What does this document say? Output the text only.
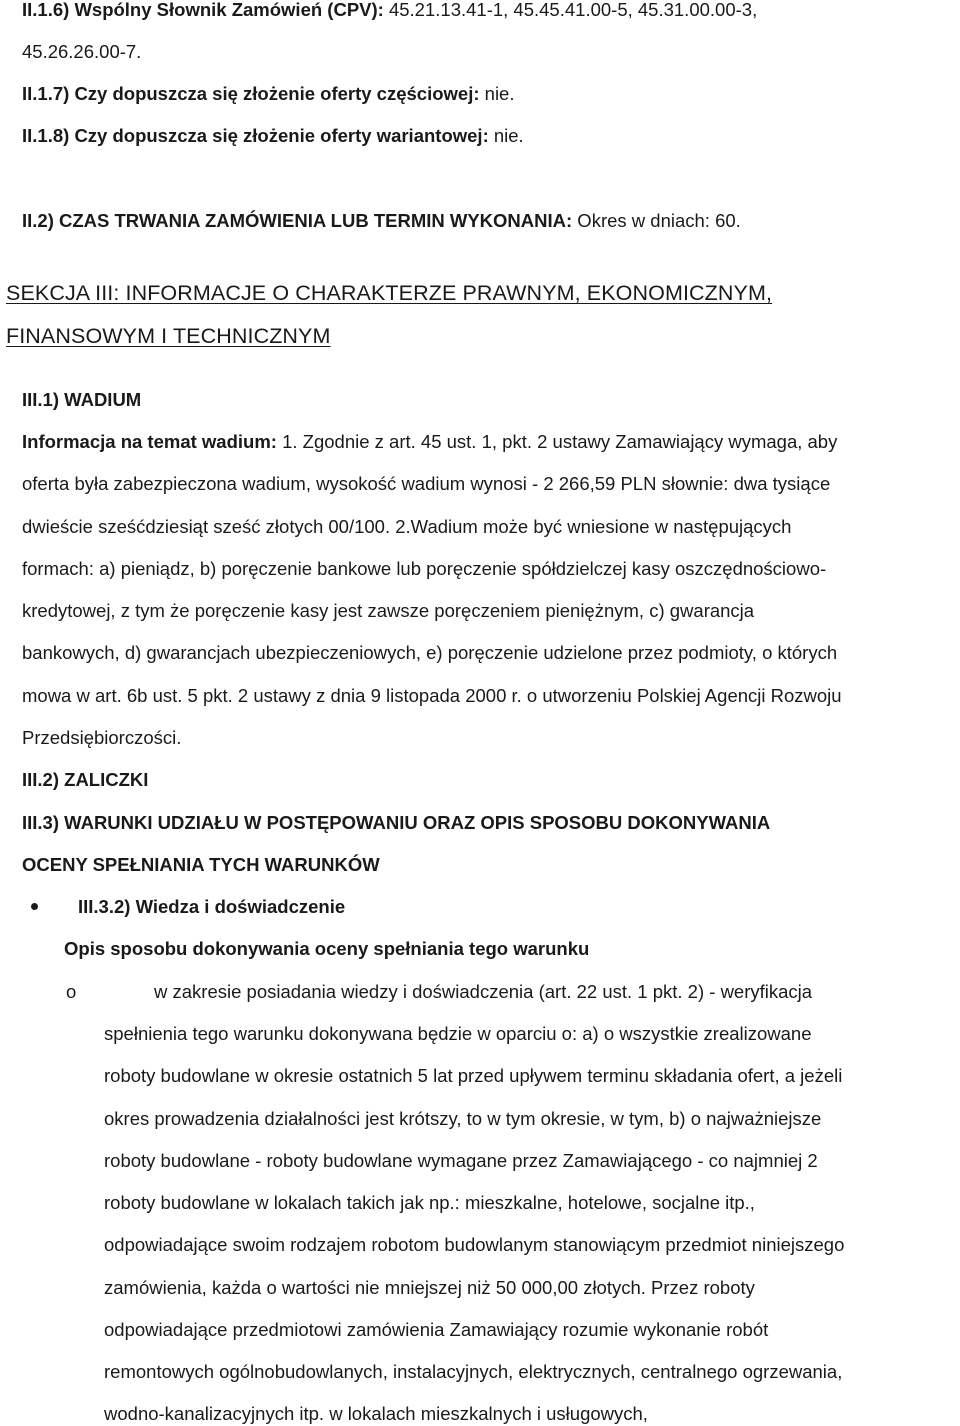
II.1.6) Wspólny Słownik Zamówień (CPV): 45.21.13.41-1, 45.45.41.00-5, 45.31.00.00-3,
45.26.26.00-7.
II.1.7) Czy dopuszcza się złożenie oferty częściowej: nie.
II.1.8) Czy dopuszcza się złożenie oferty wariantowej: nie.
II.2) CZAS TRWANIA ZAMÓWIENIA LUB TERMIN WYKONANIA: Okres w dniach: 60.
SEKCJA III: INFORMACJE O CHARAKTERZE PRAWNYM, EKONOMICZNYM,
FINANSOWYM I TECHNICZNYM
III.1) WADIUM
Informacja na temat wadium: 1. Zgodnie z art. 45 ust. 1, pkt. 2 ustawy Zamawiający wymaga, aby
oferta była zabezpieczona wadium, wysokość wadium wynosi - 2 266,59 PLN słownie: dwa tysiące
dwieście sześćdziesiąt sześć złotych 00/100. 2.Wadium może być wniesione w następujących
formach: a) pieniądz, b) poręczenie bankowe lub poręczenie spółdzielczej kasy oszczędnościowo-
kredytowej, z tym że poręczenie kasy jest zawsze poręczeniem pieniężnym, c) gwarancja
bankowych, d) gwarancjach ubezpieczeniowych, e) poręczenie udzielone przez podmioty, o których
mowa w art. 6b ust. 5 pkt. 2 ustawy z dnia 9 listopada 2000 r. o utworzeniu Polskiej Agencji Rozwoju
Przedsiębiorczości.
III.2) ZALICZKI
III.3) WARUNKI UDZIAŁU W POSTĘPOWANIU ORAZ OPIS SPOSOBU DOKONYWANIA
OCENY SPEŁNIANIA TYCH WARUNKÓW
III.3.2) Wiedza i doświadczenie
Opis sposobu dokonywania oceny spełniania tego warunku
o	w zakresie posiadania wiedzy i doświadczenia (art. 22 ust. 1 pkt. 2) - weryfikacja
spełnienia tego warunku dokonywana będzie w oparciu o: a) o wszystkie zrealizowane
roboty budowlane w okresie ostatnich 5 lat przed upływem terminu składania ofert, a jeżeli
okres prowadzenia działalności jest krótszy, to w tym okresie, w tym, b) o najważniejsze
roboty budowlane - roboty budowlane wymagane przez Zamawiającego - co najmniej 2
roboty budowlane w lokalach takich jak np.: mieszkalne, hotelowe, socjalne itp.,
odpowiadające swoim rodzajem robotom budowlanym stanowiącym przedmiot niniejszego
zamówienia, każda o wartości nie mniejszej niż 50 000,00 złotych. Przez roboty
odpowiadające przedmiotowi zamówienia Zamawiający rozumie wykonanie robót
remontowych ogólnobudowlanych, instalacyjnych, elektrycznych, centralnego ogrzewania,
wodno-kanalizacyjnych itp. w lokalach mieszkalnych i usługowych,
